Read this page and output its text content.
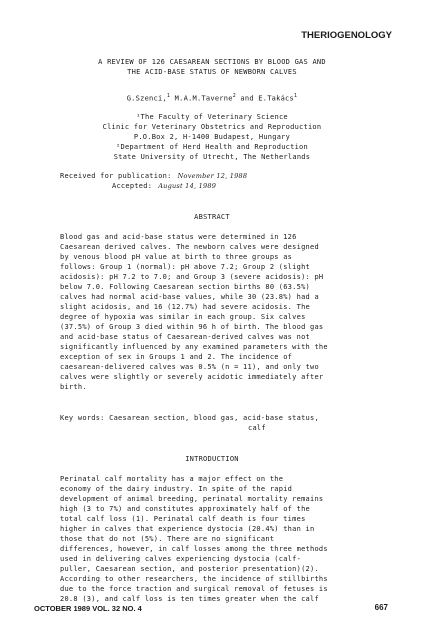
THERIOGENOLOGY
A REVIEW OF 126 CAESAREAN SECTIONS BY BLOOD GAS AND
THE ACID-BASE STATUS OF NEWBORN CALVES
G.Szenci,$^1$ M.A.M.Taverne$^2$ and E.Takács$^1$
¹The Faculty of Veterinary Science
Clinic for Veterinary Obstetrics and Reproduction
P.O.Box 2, H-1400 Budapest, Hungary
²Department of Herd Health and Reproduction
State University of Utrecht, The Netherlands
Received for publication: November 12, 1988
Accepted: August 14, 1989
ABSTRACT
Blood gas and acid-base status were determined in 126
Caesarean derived calves. The newborn calves were designed
by venous blood pH value at birth to three groups as
follows: Group 1 (normal): pH above 7.2; Group 2 (slight
acidosis): pH 7.2 to 7.0; and Group 3 (severe acidosis): pH
below 7.0. Following Caesarean section births 80 (63.5%)
calves had normal acid-base values, while 30 (23.8%) had a
slight acidosis, and 16 (12.7%) had severe acidosis. The
degree of hypoxia was similar in each group. Six calves
(37.5%) of Group 3 died within 96 h of birth. The blood gas
and acid-base status of Caesarean-derived calves was not
significantly influenced by any examined parameters with the
exception of sex in Groups 1 and 2. The incidence of
caesarean-delivered calves was 0.5% (n = 11), and only two
calves were slightly or severely acidotic immediately after
birth.
Key words: Caesarean section, blood gas, acid-base status,
calf
INTRODUCTION
Perinatal calf mortality has a major effect on the
economy of the dairy industry. In spite of the rapid
development of animal breeding, perinatal mortality remains
high (3 to 7%) and constitutes approximately half of the
total calf loss (1). Perinatal calf death is four times
higher in calves that experience dystocia (20.4%) than in
those that do not (5%). There are no significant
differences, however, in calf losses among the three methods
used in delivering calves experiencing dystocia (calf-
puller, Caesarean section, and posterior presentation)(2).
According to other researchers, the incidence of stillbirths
due to the force traction and surgical removal of fetuses is
20.8 (3), and calf loss is ten times greater when the calf
OCTOBER 1989 VOL. 32 NO. 4	667
